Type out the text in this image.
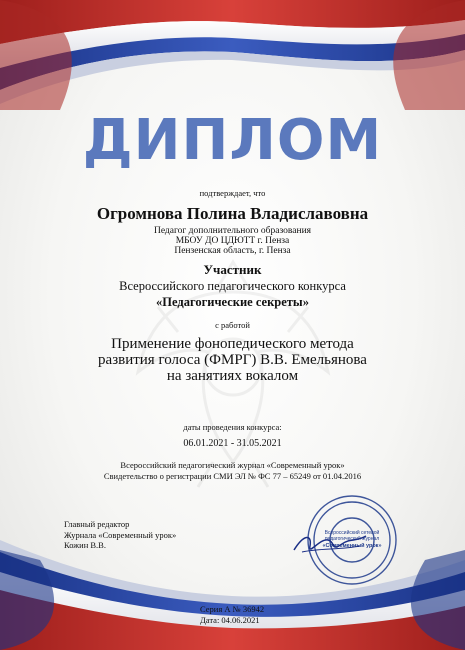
ДИПЛОМ
подтверждает, что
Огромнова Полина Владиславовна
Педагог дополнительного образования
МБОУ ДО ЦДЮТТ г. Пенза
Пензенская область, г. Пенза
Участник
Всероссийского педагогического конкурса
«Педагогические секреты»
с работой
Применение фонопедического метода
развития голоса (ФМРГ) В.В. Емельянова
на занятиях вокалом
даты проведения конкурса:
06.01.2021 - 31.05.2021
Всероссийский педагогический журнал «Современный урок»
Свидетельство о регистрации СМИ ЭЛ № ФС 77 – 65249 от 01.04.2016
Главный редактор
Журнала «Современный урок»
Кожин В.В.
Всероссийский сетевой
педагогический журнал
«Современный урок»
Серия А № 36942
Дата: 04.06.2021
